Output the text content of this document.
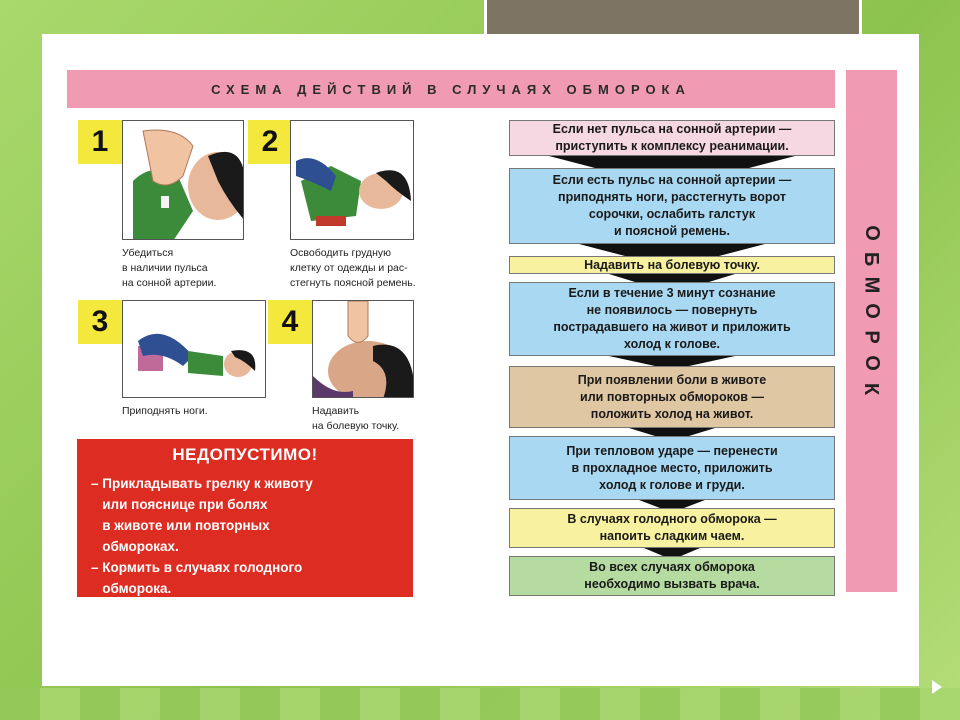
СХЕМА ДЕЙСТВИЙ В СЛУЧАЯХ ОБМОРОКА
О
Б
М
О
Р
О
К
1
Убедиться
в наличии пульса
на сонной артерии.
2
Освободить грудную
клетку от одежды и рас-
стегнуть поясной ремень.
3
Приподнять ноги.
4
Надавить
на болевую точку.
НЕДОПУСТИМО!
– Прикладывать грелку к животу
или пояснице при болях
в животе или повторных
обмороках.
– Кормить в случаях голодного
обморока.
Если нет пульса на сонной артерии —
приступить к комплексу реанимации.
Если есть пульс на сонной артерии —
приподнять ноги, расстегнуть ворот
сорочки, ослабить галстук
и поясной ремень.
Надавить на болевую точку.
Если в течение 3 минут сознание
не появилось — повернуть
пострадавшего на живот и приложить
холод к голове.
При появлении боли в животе
или повторных обмороков —
положить холод на живот.
При тепловом ударе — перенести
в прохладное место, приложить
холод к голове и груди.
В случаях голодного обморока —
напоить сладким чаем.
Во всех случаях обморока
необходимо вызвать врача.
